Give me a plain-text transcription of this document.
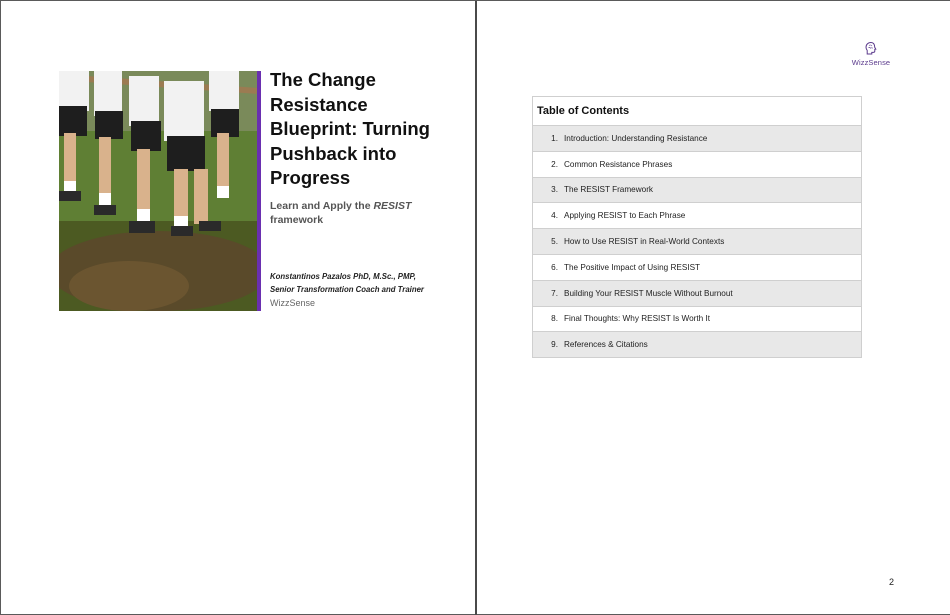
The Change Resistance Blueprint: Turning Pushback into Progress
Learn and Apply the RESIST framework
Konstantinos Pazalos PhD, M.Sc., PMP,
Senior Transformation Coach and Trainer
WizzSense
WizzSense
Table of Contents
1. Introduction: Understanding Resistance
2. Common Resistance Phrases
3. The RESIST Framework
4. Applying RESIST to Each Phrase
5. How to Use RESIST in Real-World Contexts
6. The Positive Impact of Using RESIST
7. Building Your RESIST Muscle Without Burnout
8. Final Thoughts: Why RESIST Is Worth It
9. References & Citations
2
